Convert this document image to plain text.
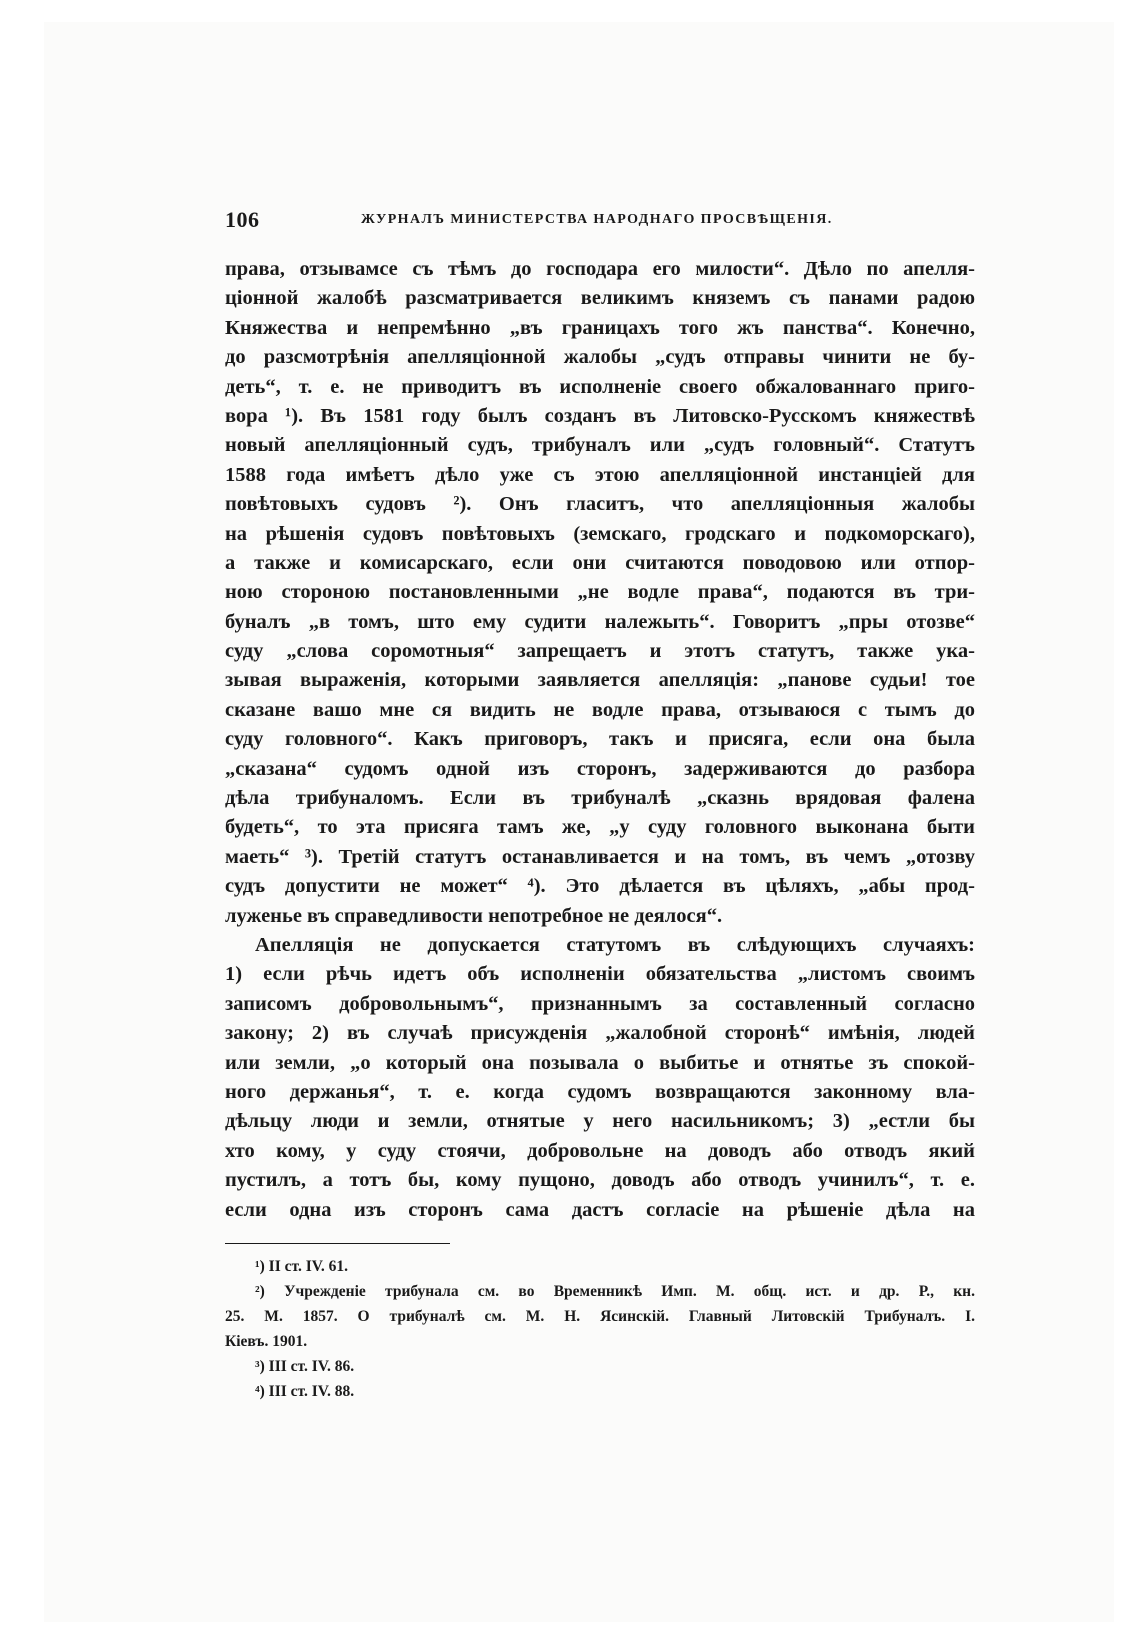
106	ЖУРНАЛЪ МИНИСТЕРСТВА НАРОДНАГО ПРОСВѢЩЕНІЯ.
права, отзывамсе съ тѣмъ до господара его милости“. Дѣло по апелля-
ціонной жалобѣ разсматривается великимъ княземъ съ панами радою
Княжества и непремѣнно „въ границахъ того жъ панства“. Конечно,
до разсмотрѣнія апелляціонной жалобы „судъ отправы чинити не бу-
деть“, т. е. не приводитъ въ исполненіе своего обжалованнаго приго-
вора ¹). Въ 1581 году былъ созданъ въ Литовско-Русскомъ княжествѣ
новый апелляціонный судъ, трибуналъ или „судъ головный“. Статутъ
1588 года имѣетъ дѣло уже съ этою апелляціонной инстанціей для
повѣтовыхъ судовъ ²). Онъ гласитъ, что апелляціонныя жалобы
на рѣшенія судовъ повѣтовыхъ (земскаго, гродскаго и подкоморскаго),
а также и комисарскаго, если они считаются поводовою или отпор-
ною стороною постановленными „не водле права“, подаются въ три-
буналъ „в томъ, што ему судити належыть“. Говоритъ „пры отозве“
суду „слова соромотныя“ запрещаетъ и этотъ статутъ, также ука-
зывая выраженія, которыми заявляется апелляція: „панове судьи! тое
сказане вашо мне ся видить не водле права, отзываюся с тымъ до
суду головного“. Какъ приговоръ, такъ и присяга, если она была
„сказана“ судомъ одной изъ сторонъ, задерживаются до разбора
дѣла трибуналомъ. Если въ трибуналѣ „сказнь врядовая фалена
будеть“, то эта присяга тамъ же, „у суду головного выконана быти
маеть“ ³). Третій статутъ останавливается и на томъ, въ чемъ „отозву
судъ допустити не может“ ⁴). Это дѣлается въ цѣляхъ, „абы прод-
луженье въ справедливости непотребное не деялося“.
Апелляція не допускается статутомъ въ слѣдующихъ случаяхъ:
1) если рѣчь идетъ объ исполненіи обязательства „листомъ своимъ
записомъ добровольнымъ“, признаннымъ за составленный согласно
закону; 2) въ случаѣ присужденія „жалобной сторонѣ“ имѣнія, людей
или земли, „о который она позывала о выбитье и отнятье зъ спокой-
ного держанья“, т. е. когда судомъ возвращаются законному вла-
дѣльцу люди и земли, отнятые у него насильникомъ; 3) „естли бы
хто кому, у суду стоячи, добровольне на доводъ або отводъ який
пустилъ, а тотъ бы, кому пущоно, доводъ або отводъ учинилъ“, т. е.
если одна изъ сторонъ сама дастъ согласіе на рѣшеніе дѣла на
¹) II ст. IV. 61.
²) Учрежденіе трибунала см. во Временникѣ Имп. М. общ. ист. и др. Р., кн.
25. М. 1857. О трибуналѣ см. М. Н. Ясинскій. Главный Литовскій Трибуналъ. I.
Кіевъ. 1901.
³) III ст. IV. 86.
⁴) III ст. IV. 88.
